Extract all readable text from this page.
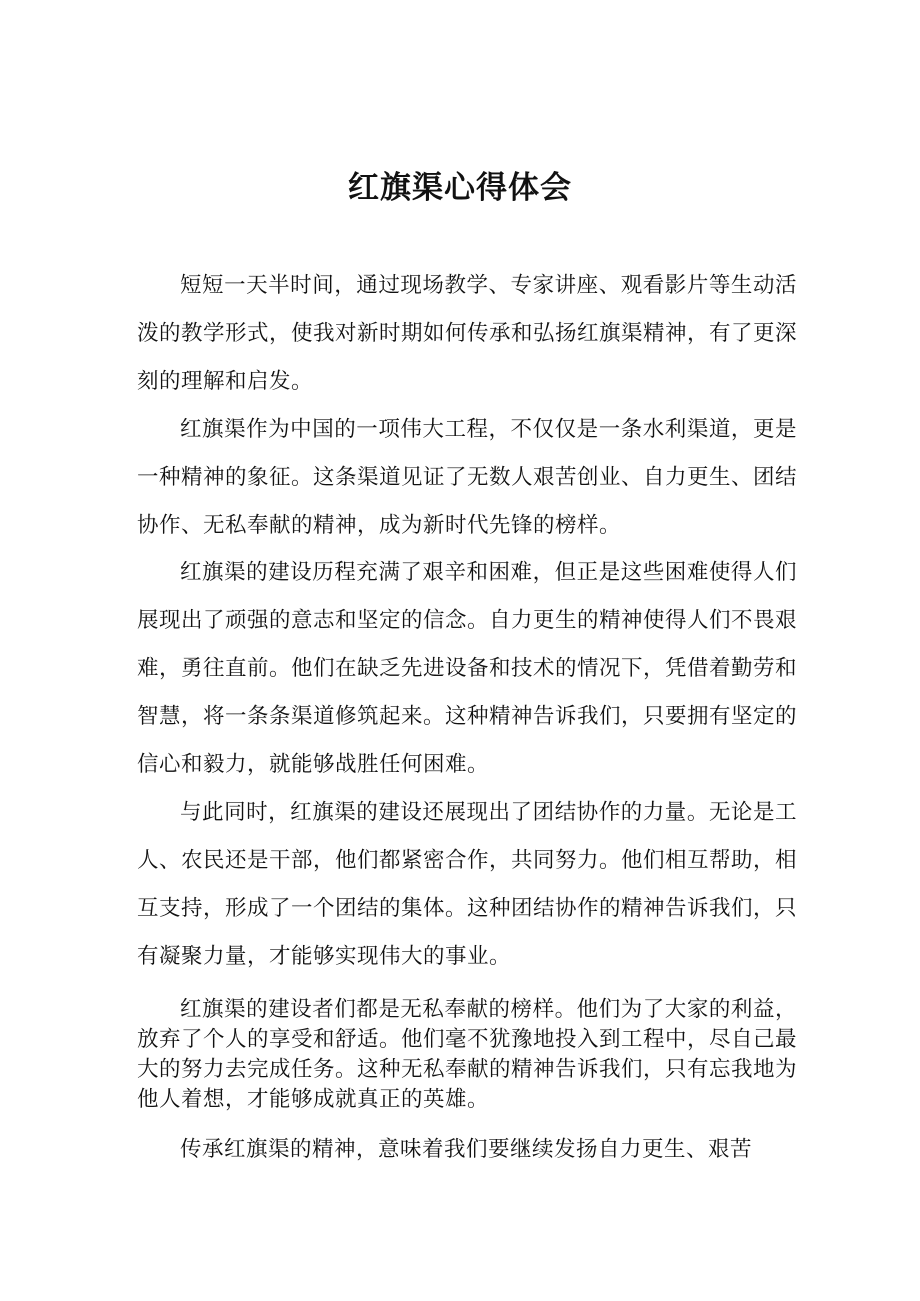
红旗渠心得体会

短短一天半时间，通过现场教学、专家讲座、观看影片等生动活泼的教学形式，使我对新时期如何传承和弘扬红旗渠精神，有了更深刻的理解和启发。

红旗渠作为中国的一项伟大工程，不仅仅是一条水利渠道，更是一种精神的象征。这条渠道见证了无数人艰苦创业、自力更生、团结协作、无私奉献的精神，成为新时代先锋的榜样。

红旗渠的建设历程充满了艰辛和困难，但正是这些困难使得人们展现出了顽强的意志和坚定的信念。自力更生的精神使得人们不畏艰难，勇往直前。他们在缺乏先进设备和技术的情况下，凭借着勤劳和智慧，将一条条渠道修筑起来。这种精神告诉我们，只要拥有坚定的信心和毅力，就能够战胜任何困难。

与此同时，红旗渠的建设还展现出了团结协作的力量。无论是工人、农民还是干部，他们都紧密合作，共同努力。他们相互帮助，相互支持，形成了一个团结的集体。这种团结协作的精神告诉我们，只有凝聚力量，才能够实现伟大的事业。

红旗渠的建设者们都是无私奉献的榜样。他们为了大家的利益，放弃了个人的享受和舒适。他们毫不犹豫地投入到工程中，尽自己最大的努力去完成任务。这种无私奉献的精神告诉我们，只有忘我地为他人着想，才能够成就真正的英雄。

传承红旗渠的精神，意味着我们要继续发扬自力更生、艰苦
